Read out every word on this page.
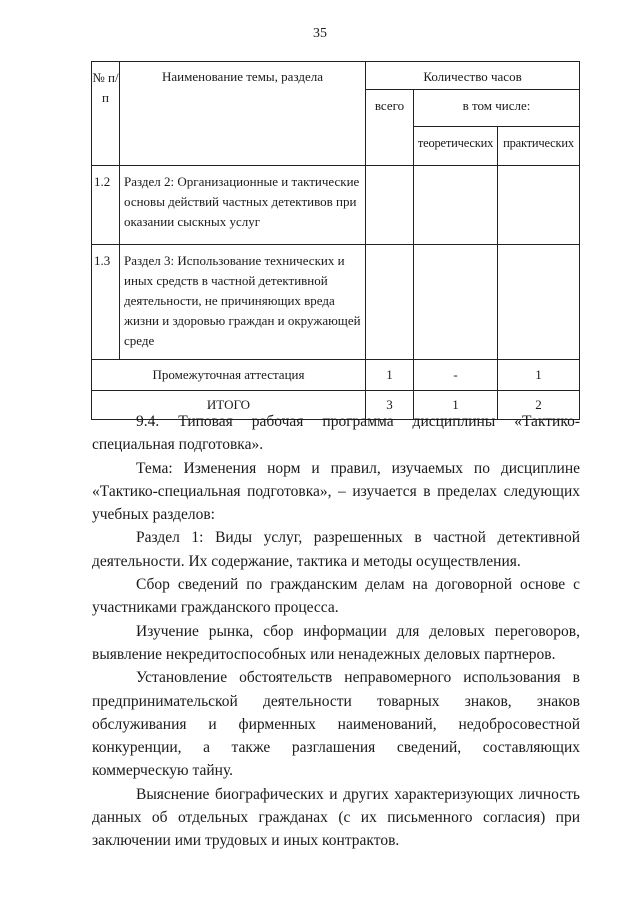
35
№ п/п	Наименование темы, раздела	Количество часов		
		всего	в том числе:	
			теоретических	практических
1.2	Раздел 2: Организационные и тактические основы действий частных детективов при оказании сыскных услуг			
1.3	Раздел 3: Использование технических и иных средств в частной детективной деятельности, не причиняющих вреда жизни и здоровью граждан и окружающей среде			
Промежуточная аттестация		1	-	1
ИТОГО		3	1	2

9.4. Типовая рабочая программа дисциплины «Тактико-специальная подготовка».

Тема: Изменения норм и правил, изучаемых по дисциплине «Тактико-специальная подготовка», – изучается в пределах следующих учебных разделов:

Раздел 1: Виды услуг, разрешенных в частной детективной деятельности. Их содержание, тактика и методы осуществления.

Сбор сведений по гражданским делам на договорной основе с участниками гражданского процесса.

Изучение рынка, сбор информации для деловых переговоров, выявление некредитоспособных или ненадежных деловых партнеров.

Установление обстоятельств неправомерного использования в предпринимательской деятельности товарных знаков, знаков обслуживания и фирменных наименований, недобросовестной конкуренции, а также разглашения сведений, составляющих коммерческую тайну.

Выяснение биографических и других характеризующих личность данных об отдельных гражданах (с их письменного согласия) при заключении ими трудовых и иных контрактов.
